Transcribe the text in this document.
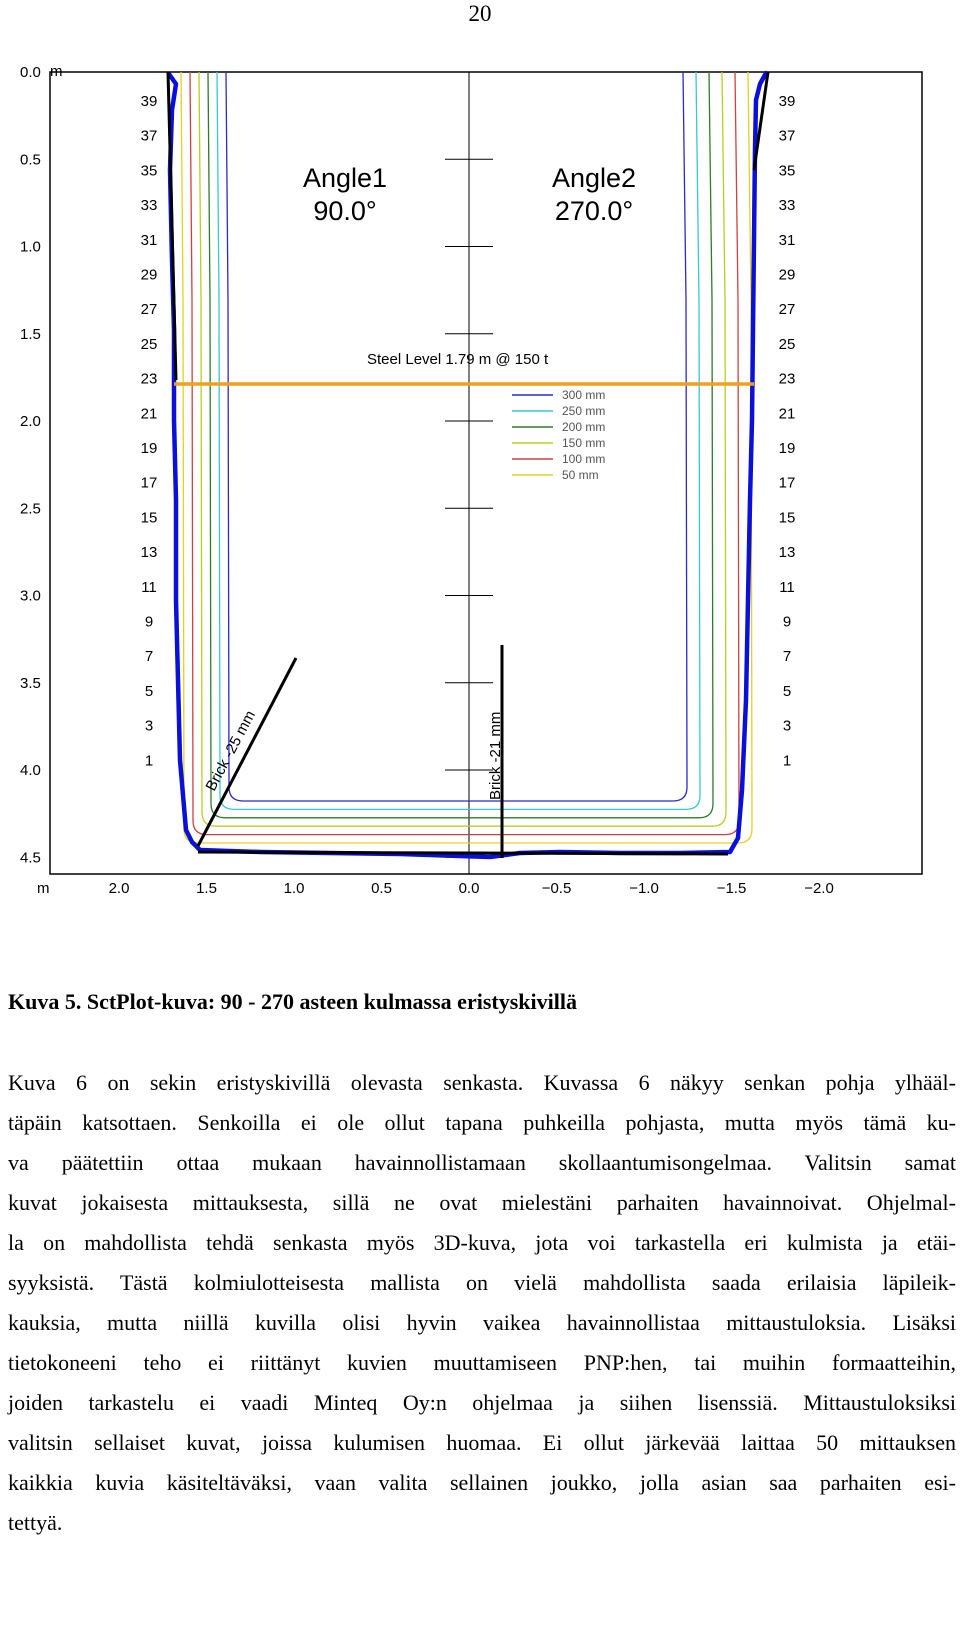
20
0.0
0.5
1.0
1.5
2.0
2.5
3.0
3.5
4.0
4.5
m
2.0	1.5	1.0	0.5	0.0	−0.5	−1.0	−1.5	−2.0
m
39
37
35
33
31
29
27
25
23
21
19
17
15
13
11
9
7
5
3
1
39
37
35
33
31
29
27
25
23
21
19
17
15
13
11
9
7
5
3
1
Steel Level 1.79 m @ 150 t
Angle1
90.0°
Angle2
270.0°
300 mm
250 mm
200 mm
150 mm
100 mm
50 mm
Brick -25 mm	Brick -21 mm

Kuva 5. SctPlot-kuva: 90 - 270 asteen kulmassa eristyskivillä

Kuva 6 on sekin eristyskivillä olevasta senkasta. Kuvassa 6 näkyy senkan pohja ylhääl-
täpäin katsottaen. Senkoilla ei ole ollut tapana puhkeilla pohjasta, mutta myös tämä ku-
va päätettiin ottaa mukaan havainnollistamaan skollaantumisongelmaa. Valitsin samat
kuvat jokaisesta mittauksesta, sillä ne ovat mielestäni parhaiten havainnoivat. Ohjelmal-
la on mahdollista tehdä senkasta myös 3D-kuva, jota voi tarkastella eri kulmista ja etäi-
syyksistä. Tästä kolmiulotteisesta mallista on vielä mahdollista saada erilaisia läpileik-
kauksia, mutta niillä kuvilla olisi hyvin vaikea havainnollistaa mittaustuloksia. Lisäksi
tietokoneeni teho ei riittänyt kuvien muuttamiseen PNP:hen, tai muihin formaatteihin,
joiden tarkastelu ei vaadi Minteq Oy:n ohjelmaa ja siihen lisenssiä. Mittaustuloksiksi
valitsin sellaiset kuvat, joissa kulumisen huomaa. Ei ollut järkevää laittaa 50 mittauksen
kaikkia kuvia käsiteltäväksi, vaan valita sellainen joukko, jolla asian saa parhaiten esi-
tettyä.
